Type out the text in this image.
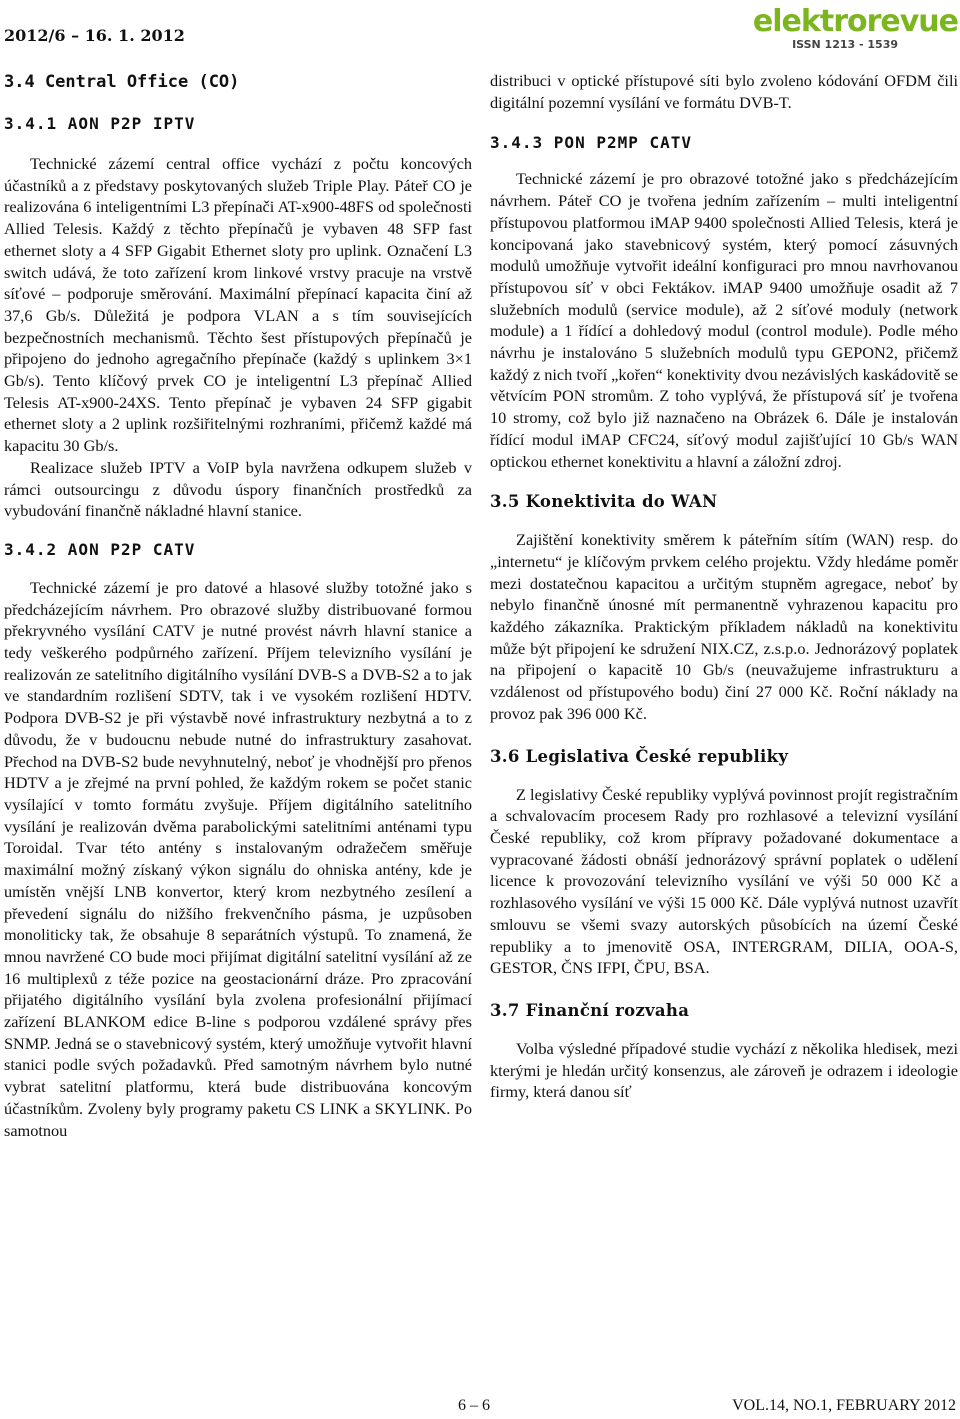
2012/6 – 16. 1. 2012	elektrorevue
ISSN 1213 - 1539
3.4 Central Office (CO)
3.4.1 AON P2P IPTV

Technické zázemí central office vychází z počtu koncových účastníků a z představy poskytovaných služeb Triple Play. Páteř CO je realizována 6 inteligentními L3 přepínači AT-x900-48FS od společnosti Allied Telesis. Každý z těchto přepínačů je vybaven 48 SFP fast ethernet sloty a 4 SFP Gigabit Ethernet sloty pro uplink. Označení L3 switch udává, že toto zařízení krom linkové vrstvy pracuje na vrstvě síťové – podporuje směrování. Maximální přepínací kapacita činí až 37,6 Gb/s. Důležitá je podpora VLAN a s tím souvisejících bezpečnostních mechanismů. Těchto šest přístupových přepínačů je připojeno do jednoho agregačního přepínače (každý s uplinkem 3×1 Gb/s). Tento klíčový prvek CO je inteligentní L3 přepínač Allied Telesis AT-x900-24XS. Tento přepínač je vybaven 24 SFP gigabit ethernet sloty a 2 uplink rozšiřitelnými rozhraními, přičemž každé má kapacitu 30 Gb/s.

Realizace služeb IPTV a VoIP byla navržena odkupem služeb v rámci outsourcingu z důvodu úspory finančních prostředků za vybudování finančně nákladné hlavní stanice.

3.4.2 AON P2P CATV

Technické zázemí je pro datové a hlasové služby totožné jako s předcházejícím návrhem. Pro obrazové služby distribuované formou překryvného vysílání CATV je nutné provést návrh hlavní stanice a tedy veškerého podpůrného zařízení. Příjem televizního vysílání je realizován ze satelitního digitálního vysílání DVB-S a DVB-S2 a to jak ve standardním rozlišení SDTV, tak i ve vysokém rozlišení HDTV. Podpora DVB-S2 je při výstavbě nové infrastruktury nezbytná a to z důvodu, že v budoucnu nebude nutné do infrastruktury zasahovat. Přechod na DVB-S2 bude nevyhnutelný, neboť je vhodnější pro přenos HDTV a je zřejmé na první pohled, že každým rokem se počet stanic vysílající v tomto formátu zvyšuje. Příjem digitálního satelitního vysílání je realizován dvěma parabolickými satelitními anténami typu Toroidal. Tvar této antény s instalovaným odražečem směřuje maximální možný získaný výkon signálu do ohniska antény, kde je umístěn vnější LNB konvertor, který krom nezbytného zesílení a převedení signálu do nižšího frekvenčního pásma, je uzpůsoben monoliticky tak, že obsahuje 8 separátních výstupů. To znamená, že mnou navržené CO bude moci přijímat digitální satelitní vysílání až ze 16 multiplexů z téže pozice na geostacionární dráze. Pro zpracování přijatého digitálního vysílání byla zvolena profesionální přijímací zařízení BLANKOM edice B-line s podporou vzdálené správy přes SNMP. Jedná se o stavebnicový systém, který umožňuje vytvořit hlavní stanici podle svých požadavků. Před samotným návrhem bylo nutné vybrat satelitní platformu, která bude distribuována koncovým účastníkům. Zvoleny byly programy paketu CS LINK a SKYLINK. Po samotnou

distribuci v optické přístupové síti bylo zvoleno kódování OFDM čili digitální pozemní vysílání ve formátu DVB-T.

3.4.3 PON P2MP CATV

Technické zázemí je pro obrazové totožné jako s předcházejícím návrhem. Páteř CO je tvořena jedním zařízením – multi inteligentní přístupovou platformou iMAP 9400 společnosti Allied Telesis, která je koncipovaná jako stavebnicový systém, který pomocí zásuvných modulů umožňuje vytvořit ideální konfiguraci pro mnou navrhovanou přístupovou síť v obci Fektákov. iMAP 9400 umožňuje osadit až 7 služebních modulů (service module), až 2 síťové moduly (network module) a 1 řídící a dohledový modul (control module). Podle mého návrhu je instalováno 5 služebních modulů typu GEPON2, přičemž každý z nich tvoří „kořen“ konektivity dvou nezávislých kaskádovitě se větvícím PON stromům. Z toho vyplývá, že přístupová síť je tvořena 10 stromy, což bylo již naznačeno na Obrázek 6. Dále je instalován řídící modul iMAP CFC24, síťový modul zajišťující 10 Gb/s WAN optickou ethernet konektivitu a hlavní a záložní zdroj.

3.5 Konektivita do WAN

Zajištění konektivity směrem k páteřním sítím (WAN) resp. do „internetu“ je klíčovým prvkem celého projektu. Vždy hledáme poměr mezi dostatečnou kapacitou a určitým stupněm agregace, neboť by nebylo finančně únosné mít permanentně vyhrazenou kapacitu pro každého zákazníka. Praktickým příkladem nákladů na konektivitu může být připojení ke sdružení NIX.CZ, z.s.p.o. Jednorázový poplatek na připojení o kapacitě 10 Gb/s (neuvažujeme infrastrukturu a vzdálenost od přístupového bodu) činí 27 000 Kč. Roční náklady na provoz pak 396 000 Kč.

3.6 Legislativa České republiky

Z legislativy České republiky vyplývá povinnost projít registračním a schvalovacím procesem Rady pro rozhlasové a televizní vysílání České republiky, což krom přípravy požadované dokumentace a vypracované žádosti obnáší jednorázový správní poplatek o udělení licence k provozování televizního vysílání ve výši 50 000 Kč a rozhlasového vysílání ve výši 15 000 Kč. Dále vyplývá nutnost uzavřít smlouvu se všemi svazy autorských působících na území České republiky a to jmenovitě OSA, INTERGRAM, DILIA, OOA-S, GESTOR, ČNS IFPI, ČPU, BSA.

3.7 Finanční rozvaha

Volba výsledné případové studie vychází z několika hledisek, mezi kterými je hledán určitý konsenzus, ale zároveň je odrazem i ideologie firmy, která danou síť

6 – 6	VOL.14, NO.1, FEBRUARY 2012
